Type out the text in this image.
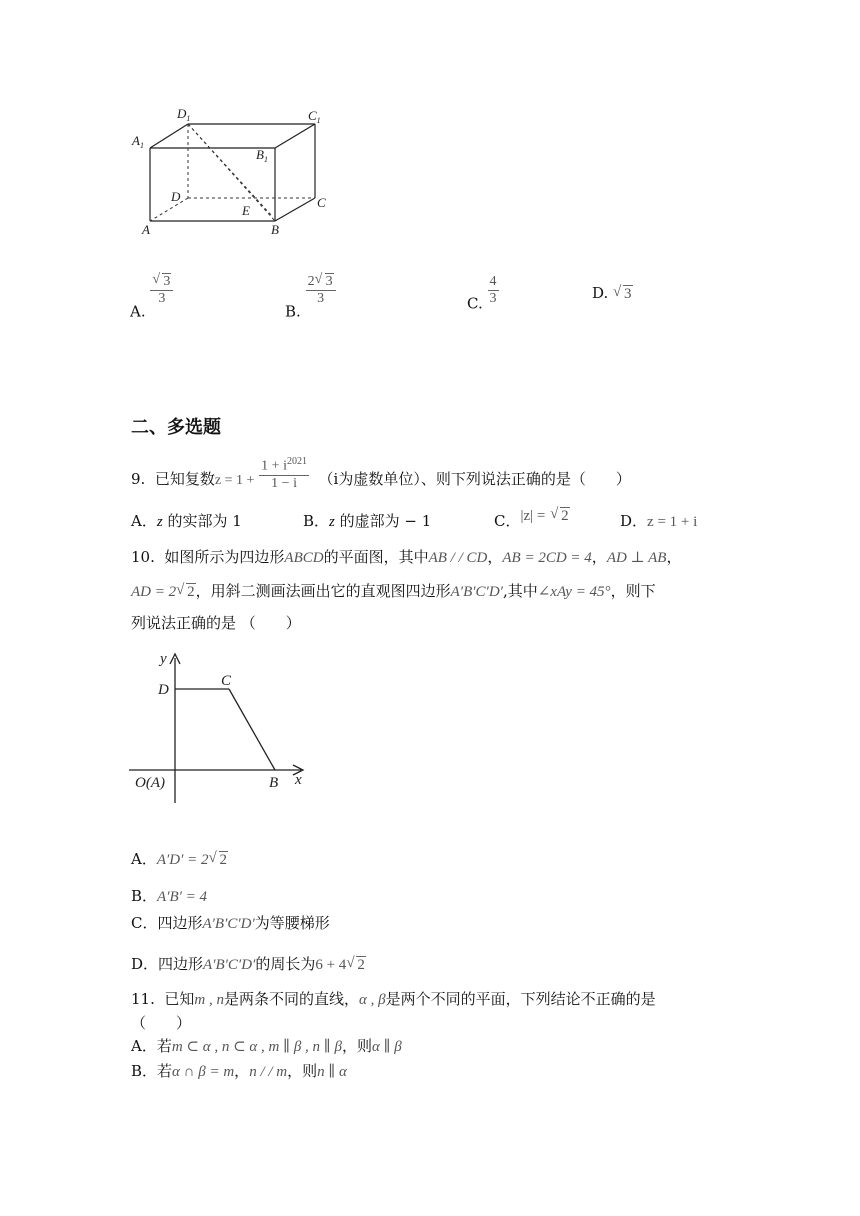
$D_1$	$C_1$
$A_1$
$B_1$
D
E
C
A	B
A.
$\frac{√ 3}{3}$
B.
$\frac{2 √ 3}{3}$	C. $\frac{4}{3}$	D. √ 3
二、多选题
9. 已知复数$z = 1 + \frac{1 + i^{2021}}{1 - i} (i$为虚数单位）、则下列说法正确的是（　　）
A．z 的实部为 1	B．z 的虚部为 − 1	C．|z| = √ 2	D．z = 1 + i
10. 如图所示为四边形ABCD的平面图，其中AB / / CD，AB = 2CD = 4，AD ⊥ AB，
AD = 2 √ 2，用斜二测画法画出它的直观图四边形A′B′C′D′,其中∠xAy = 45°，则下
列说法正确的是 （　　）
y
x
D
C
O(A)	B
A．A′D′ = 2 √ 2
B．A′B′ = 4
C．四边形A′B′C′D′为等腰梯形
D．四边形A′B′C′D′的周长为6 + 4 √ 2
11. 已知m , n是两条不同的直线，α , β是两个不同的平面，下列结论不正确的是
（　　）
A．若m ⊂ α , n ⊂ α , m ∥ β , n ∥ β，则α ∥ β
B．若α ∩ β = m，n / / m，则n ∥ α
